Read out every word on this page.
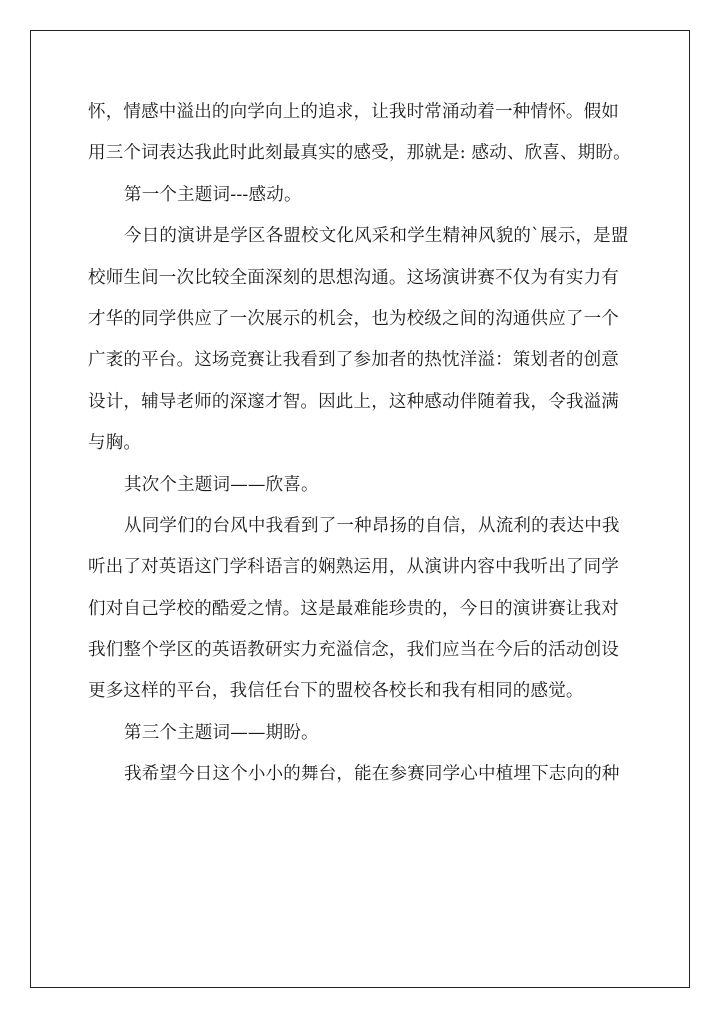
怀，情感中溢出的向学向上的追求，让我时常涌动着一种情怀。假如
用三个词表达我此时此刻最真实的感受，那就是: 感动、欣喜、期盼。
第一个主题词---感动。
今日的演讲是学区各盟校文化风采和学生精神风貌的`展示，是盟
校师生间一次比较全面深刻的思想沟通。这场演讲赛不仅为有实力有
才华的同学供应了一次展示的机会，也为校级之间的沟通供应了一个
广袤的平台。这场竞赛让我看到了参加者的热忱洋溢：策划者的创意
设计，辅导老师的深邃才智。因此上，这种感动伴随着我，令我溢满
与胸。
其次个主题词——欣喜。
从同学们的台风中我看到了一种昂扬的自信，从流利的表达中我
听出了对英语这门学科语言的娴熟运用，从演讲内容中我听出了同学
们对自己学校的酷爱之情。这是最难能珍贵的，今日的演讲赛让我对
我们整个学区的英语教研实力充溢信念，我们应当在今后的活动创设
更多这样的平台，我信任台下的盟校各校长和我有相同的感觉。
第三个主题词——期盼。
我希望今日这个小小的舞台，能在参赛同学心中植埋下志向的种
